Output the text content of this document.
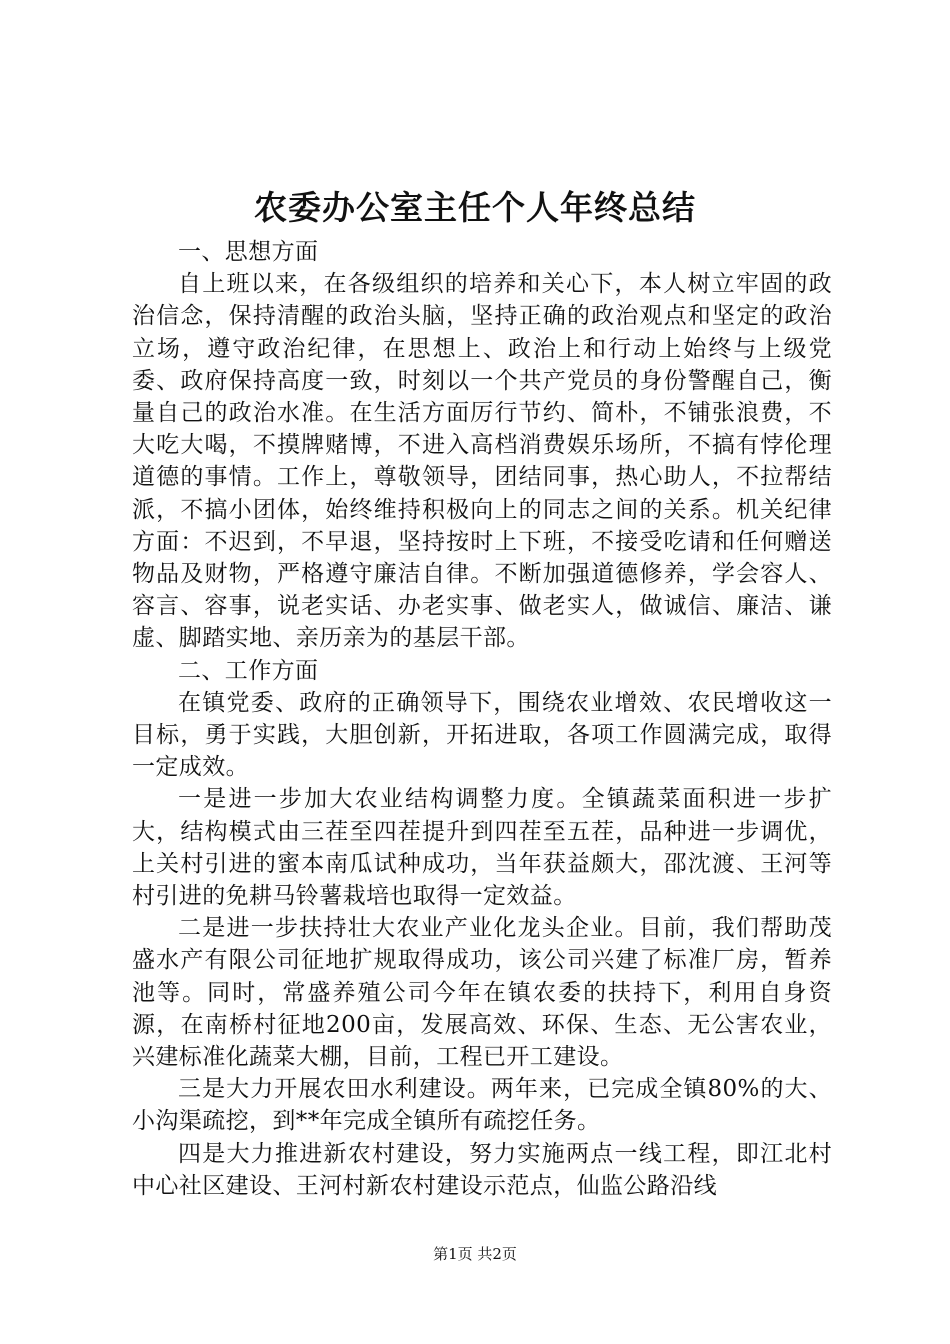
农委办公室主任个人年终总结

一、思想方面

自上班以来，在各级组织的培养和关心下，本人树立牢固的政治信念，保持清醒的政治头脑，坚持正确的政治观点和坚定的政治立场，遵守政治纪律，在思想上、政治上和行动上始终与上级党委、政府保持高度一致，时刻以一个共产党员的身份警醒自己，衡量自己的政治水准。在生活方面厉行节约、简朴，不铺张浪费，不大吃大喝，不摸牌赌博，不进入高档消费娱乐场所，不搞有悖伦理道德的事情。工作上，尊敬领导，团结同事，热心助人，不拉帮结派，不搞小团体，始终维持积极向上的同志之间的关系。机关纪律方面：不迟到，不早退，坚持按时上下班，不接受吃请和任何赠送物品及财物，严格遵守廉洁自律。不断加强道德修养，学会容人、容言、容事，说老实话、办老实事、做老实人，做诚信、廉洁、谦虚、脚踏实地、亲历亲为的基层干部。

二、工作方面

在镇党委、政府的正确领导下，围绕农业增效、农民增收这一目标，勇于实践，大胆创新，开拓进取，各项工作圆满完成，取得一定成效。

一是进一步加大农业结构调整力度。全镇蔬菜面积进一步扩大，结构模式由三茬至四茬提升到四茬至五茬，品种进一步调优，上关村引进的蜜本南瓜试种成功，当年获益颇大，邵沈渡、王河等村引进的免耕马铃薯栽培也取得一定效益。

二是进一步扶持壮大农业产业化龙头企业。目前，我们帮助茂盛水产有限公司征地扩规取得成功，该公司兴建了标准厂房，暂养池等。同时，常盛养殖公司今年在镇农委的扶持下，利用自身资源，在南桥村征地200亩，发展高效、环保、生态、无公害农业，兴建标准化蔬菜大棚，目前，工程已开工建设。

三是大力开展农田水利建设。两年来，已完成全镇80%的大、小沟渠疏挖，到**年完成全镇所有疏挖任务。

四是大力推进新农村建设，努力实施两点一线工程，即江北村中心社区建设、王河村新农村建设示范点，仙监公路沿线

第1页 共2页
